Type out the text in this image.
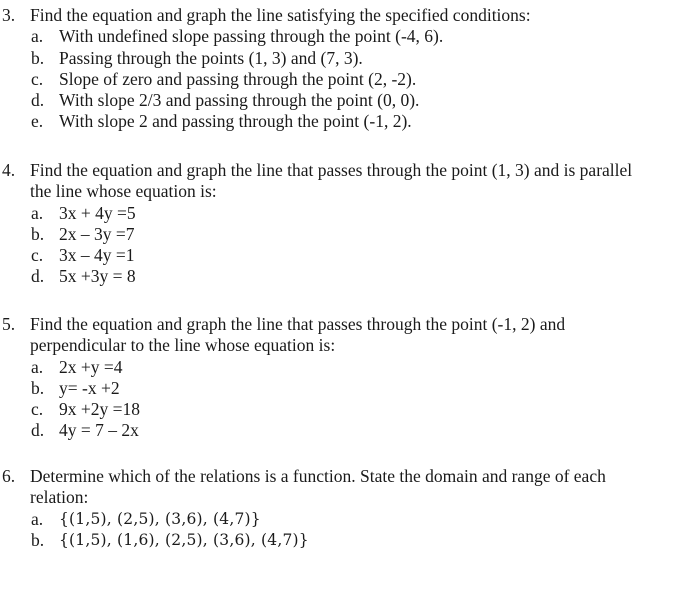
3. Find the equation and graph the line satisfying the specified conditions:
a. With undefined slope passing through the point (-4, 6).
b. Passing through the points (1, 3) and (7, 3).
c. Slope of zero and passing through the point (2, -2).
d. With slope 2/3 and passing through the point (0, 0).
e. With slope 2 and passing through the point (-1, 2).
4. Find the equation and graph the line that passes through the point (1, 3) and is parallel
the line whose equation is:
a. 3x + 4y =5
b. 2x – 3y =7
c. 3x – 4y =1
d. 5x +3y = 8
5. Find the equation and graph the line that passes through the point (-1, 2) and
perpendicular to the line whose equation is:
a. 2x +y =4
b. y= -x +2
c. 9x +2y =18
d. 4y = 7 – 2x
6. Determine which of the relations is a function. State the domain and range of each
relation:
a. {(1,5), (2,5), (3,6), (4,7)}
b. {(1,5), (1,6), (2,5), (3,6), (4,7)}
